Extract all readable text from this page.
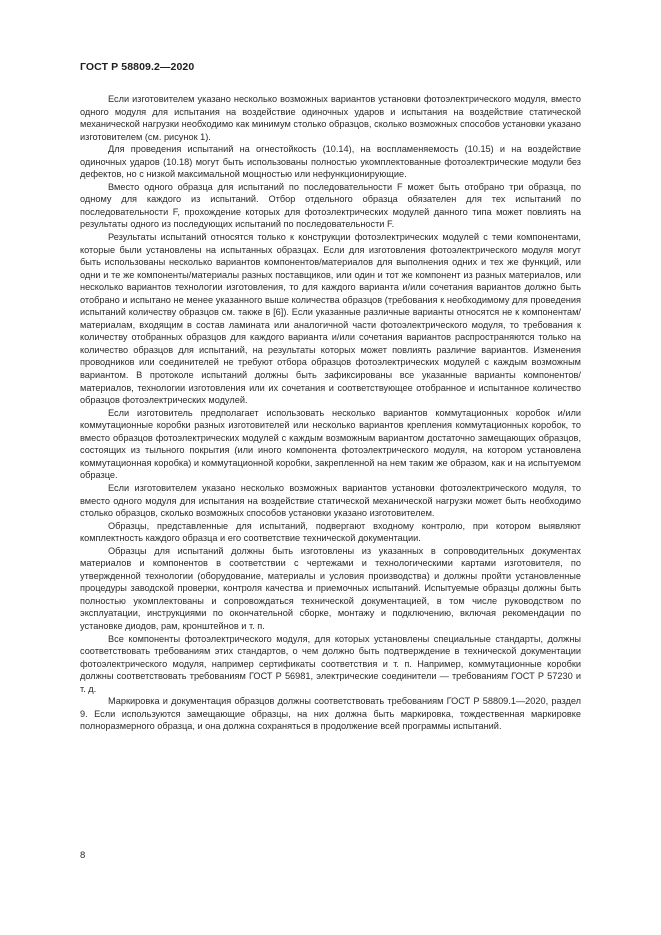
ГОСТ Р 58809.2—2020

Если изготовителем указано несколько возможных вариантов установки фотоэлектрического модуля, вместо одного модуля для испытания на воздействие одиночных ударов и испытания на воздействие статической механической нагрузки необходимо как минимум столько образцов, сколько возможных способов установки указано изготовителем (см. рисунок 1).

Для проведения испытаний на огнестойкость (10.14), на воспламеняемость (10.15) и на воздействие одиночных ударов (10.18) могут быть использованы полностью укомплектованные фотоэлектрические модули без дефектов, но с низкой максимальной мощностью или нефункционирующие.

Вместо одного образца для испытаний по последовательности F может быть отобрано три образца, по одному для каждого из испытаний. Отбор отдельного образца обязателен для тех испытаний по последовательности F, прохождение которых для фотоэлектрических модулей данного типа может повлиять на результаты одного из последующих испытаний по последовательности F.

Результаты испытаний относятся только к конструкции фотоэлектрических модулей с теми компонентами, которые были установлены на испытанных образцах. Если для изготовления фотоэлектрического модуля могут быть использованы несколько вариантов компонентов/материалов для выполнения одних и тех же функций, или одни и те же компоненты/материалы разных поставщиков, или один и тот же компонент из разных материалов, или несколько вариантов технологии изготовления, то для каждого варианта и/или сочетания вариантов должно быть отобрано и испытано не менее указанного выше количества образцов (требования к необходимому для проведения испытаний количеству образцов см. также в [6]). Если указанные различные варианты относятся не к компонентам/материалам, входящим в состав ламината или аналогичной части фотоэлектрического модуля, то требования к количеству отобранных образцов для каждого варианта и/или сочетания вариантов распространяются только на количество образцов для испытаний, на результаты которых может повлиять различие вариантов. Изменения проводников или соединителей не требуют отбора образцов фотоэлектрических модулей с каждым возможным вариантом. В протоколе испытаний должны быть зафиксированы все указанные варианты компонентов/материалов, технологии изготовления или их сочетания и соответствующее отобранное и испытанное количество образцов фотоэлектрических модулей.

Если изготовитель предполагает использовать несколько вариантов коммутационных коробок и/или коммутационные коробки разных изготовителей или несколько вариантов крепления коммутационных коробок, то вместо образцов фотоэлектрических модулей с каждым возможным вариантом достаточно замещающих образцов, состоящих из тыльного покрытия (или иного компонента фотоэлектрического модуля, на котором установлена коммутационная коробка) и коммутационной коробки, закрепленной на нем таким же образом, как и на испытуемом образце.

Если изготовителем указано несколько возможных вариантов установки фотоэлектрического модуля, то вместо одного модуля для испытания на воздействие статической механической нагрузки может быть необходимо столько образцов, сколько возможных способов установки указано изготовителем.

Образцы, представленные для испытаний, подвергают входному контролю, при котором выявляют комплектность каждого образца и его соответствие технической документации.

Образцы для испытаний должны быть изготовлены из указанных в сопроводительных документах материалов и компонентов в соответствии с чертежами и технологическими картами изготовителя, по утвержденной технологии (оборудование, материалы и условия производства) и должны пройти установленные процедуры заводской проверки, контроля качества и приемочных испытаний. Испытуемые образцы должны быть полностью укомплектованы и сопровождаться технической документацией, в том числе руководством по эксплуатации, инструкциями по окончательной сборке, монтажу и подключению, включая рекомендации по установке диодов, рам, кронштейнов и т. п.

Все компоненты фотоэлектрического модуля, для которых установлены специальные стандарты, должны соответствовать требованиям этих стандартов, о чем должно быть подтверждение в технической документации фотоэлектрического модуля, например сертификаты соответствия и т. п. Например, коммутационные коробки должны соответствовать требованиям ГОСТ Р 56981, электрические соединители — требованиям ГОСТ Р 57230 и т. д.

Маркировка и документация образцов должны соответствовать требованиям ГОСТ Р 58809.1—2020, раздел 9. Если используются замещающие образцы, на них должна быть маркировка, тождественная маркировке полноразмерного образца, и она должна сохраняться в продолжение всей программы испытаний.

8
